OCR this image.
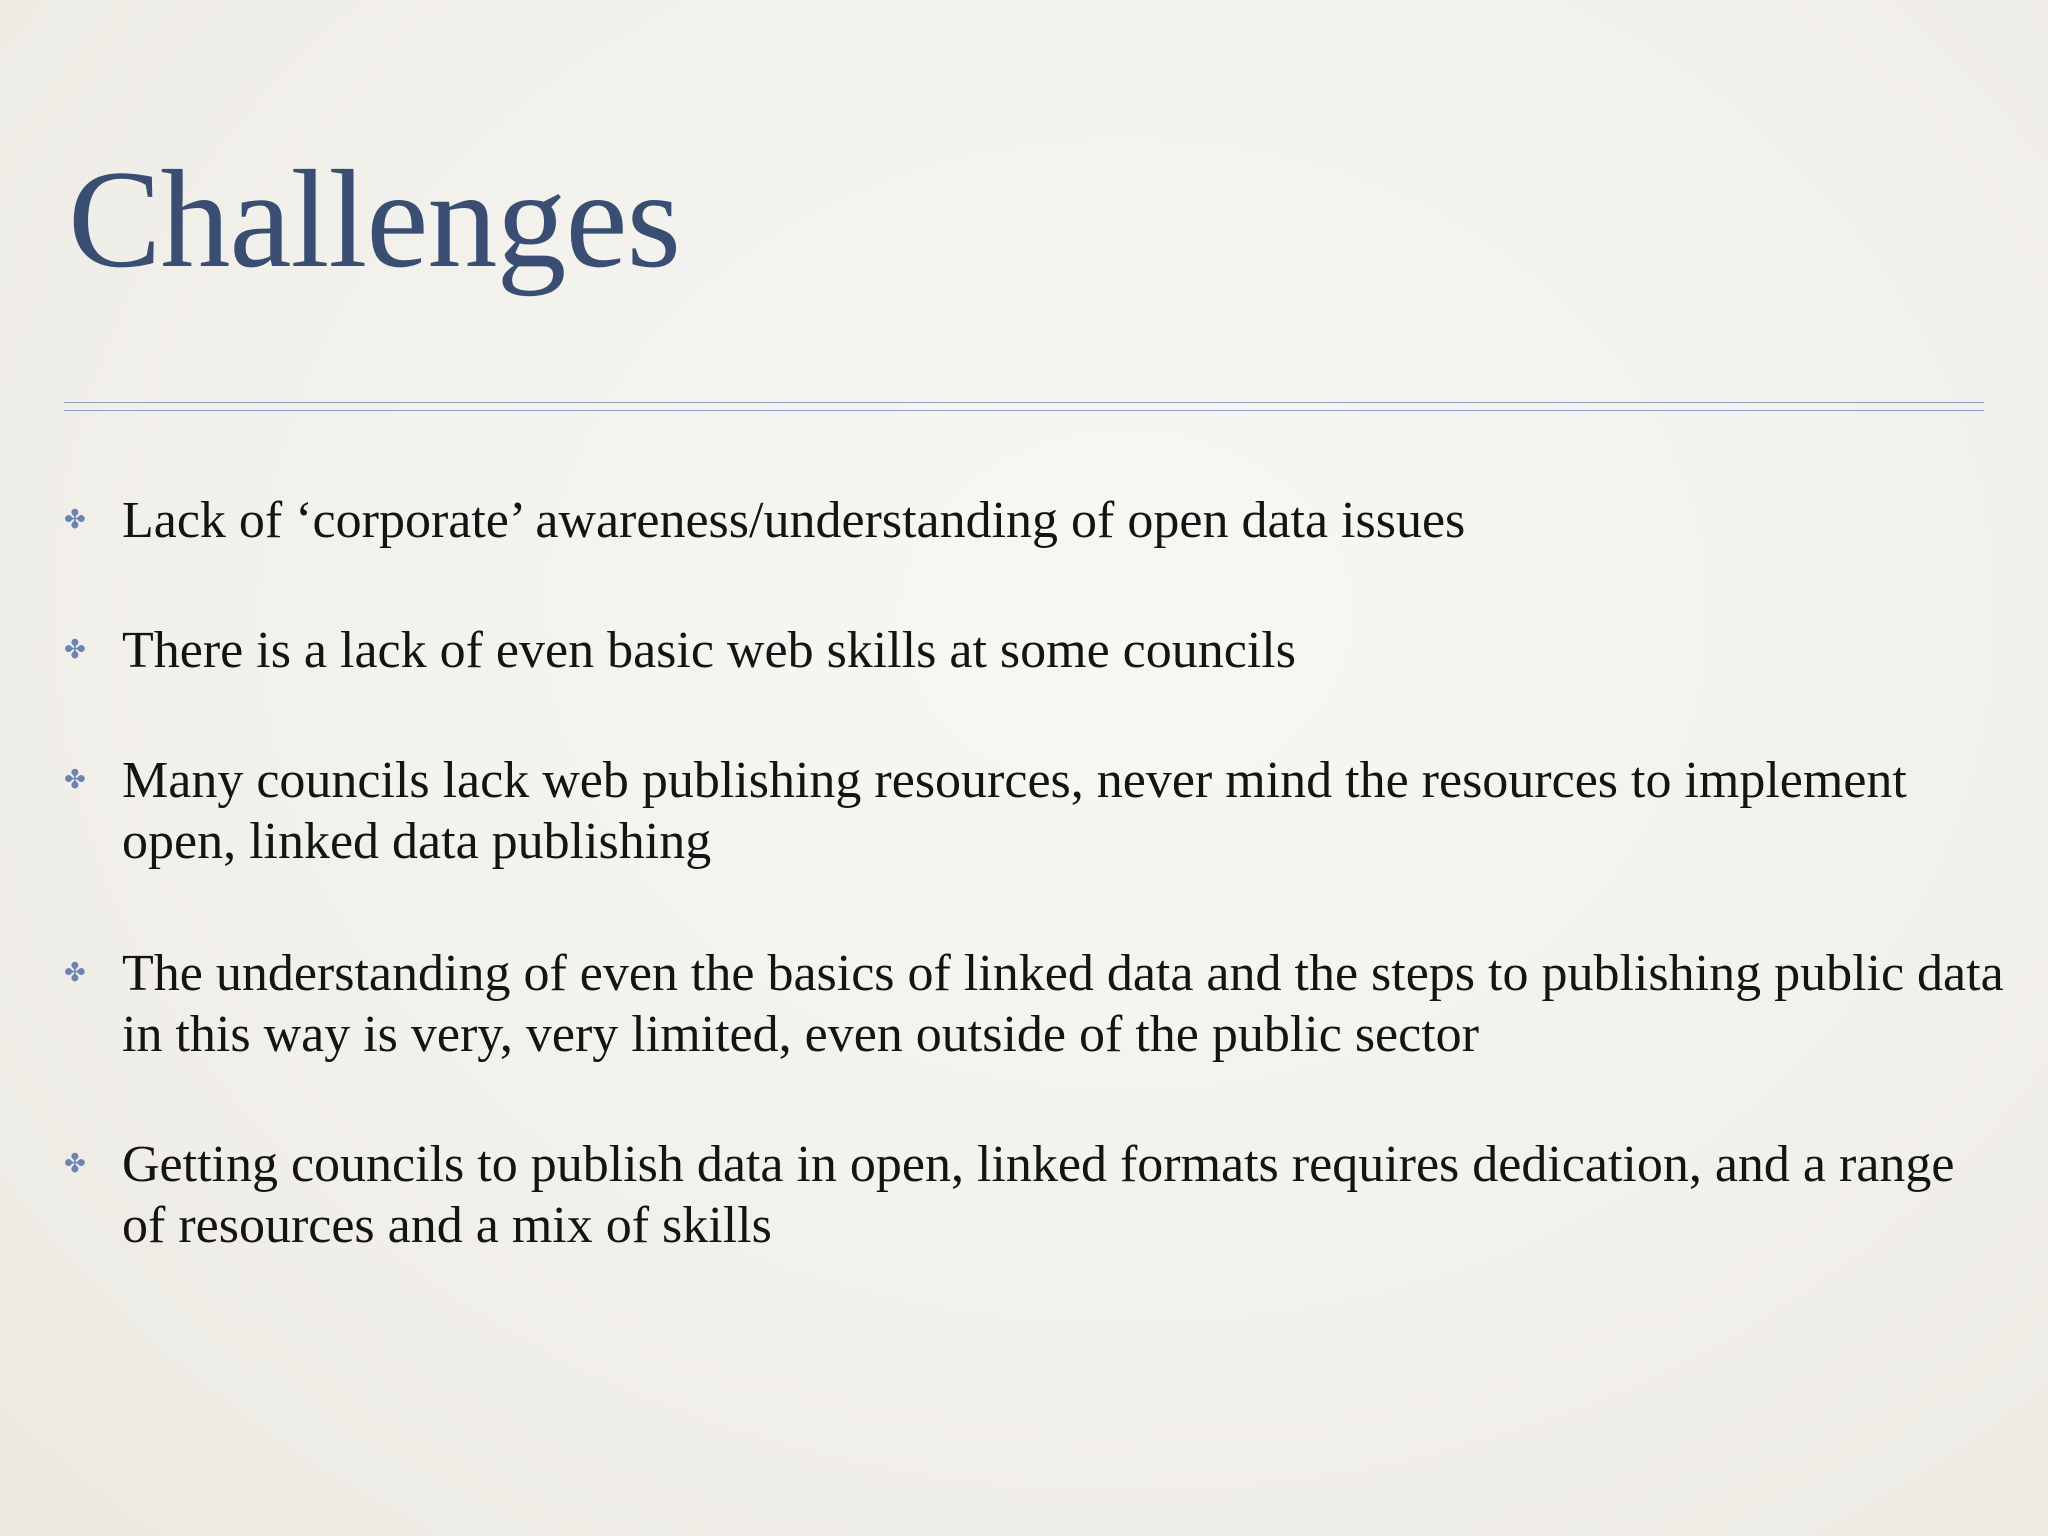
Challenges
✤ Lack of ‘corporate’ awareness/understanding of open data issues
✤ There is a lack of even basic web skills at some councils
✤ Many councils lack web publishing resources, never mind the resources to implement open, linked data publishing
✤ The understanding of even the basics of linked data and the steps to publishing public data in this way is very, very limited, even outside of the public sector
✤ Getting councils to publish data in open, linked formats requires dedication, and a range of resources and a mix of skills
